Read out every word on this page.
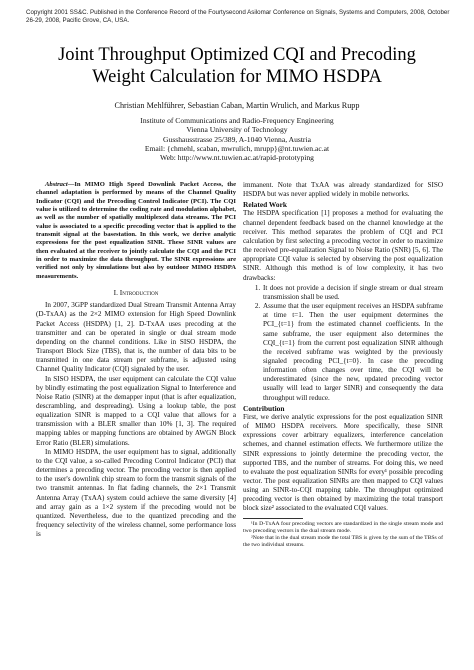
Copyright 2001 SS&C. Published in the Conference Record of the Fourtysecond Asilomar Conference on Signals, Systems and Computers, 2008, October 26-29, 2008, Pacific Grove, CA, USA.
Joint Throughput Optimized CQI and Precoding Weight Calculation for MIMO HSDPA
Christian Mehlführer, Sebastian Caban, Martin Wrulich, and Markus Rupp
Institute of Communications and Radio-Frequency Engineering
Vienna University of Technology
Gusshausstrasse 25/389, A-1040 Vienna, Austria
Email: {chmehl, scaban, mwrulich, mrupp}@nt.tuwien.ac.at
Web: http://www.nt.tuwien.ac.at/rapid-prototyping

Abstract—In MIMO High Speed Downlink Packet Access, the channel adaptation is performed by means of the Channel Quality Indicator (CQI) and the Precoding Control Indicator (PCI). The CQI value is utilized to determine the coding rate and modulation alphabet, as well as the number of spatially multiplexed data streams. The PCI value is associated to a specific precoding vector that is applied to the transmit signal at the basestation. In this work, we derive analytic expressions for the post equalization SINR. These SINR values are then evaluated at the receiver to jointly calculate the CQI and the PCI in order to maximize the data throughput. The SINR expressions are verified not only by simulations but also by outdoor MIMO HSDPA measurements.

I. Introduction

In 2007, 3GPP standardized Dual Stream Transmit Antenna Array (D-TxAA) as the 2×2 MIMO extension for High Speed Downlink Packet Access (HSDPA) [1, 2]. D-TxAA uses precoding at the transmitter and can be operated in single or dual stream mode depending on the channel conditions. Like in SISO HSDPA, the Transport Block Size (TBS), that is, the number of data bits to be transmitted in one data stream per subframe, is adjusted using Channel Quality Indicator (CQI) signaled by the user.

In SISO HSDPA, the user equipment can calculate the CQI value by blindly estimating the post equalization Signal to Interference and Noise Ratio (SINR) at the demapper input (that is after equalization, descrambling, and despreading). Using a lookup table, the post equalization SINR is mapped to a CQI value that allows for a transmission with a BLER smaller than 10% [1, 3]. The required mapping tables or mapping functions are obtained by AWGN Block Error Ratio (BLER) simulations.

In MIMO HSDPA, the user equipment has to signal, additionally to the CQI value, a so-called Precoding Control Indicator (PCI) that determines a precoding vector. The precoding vector is then applied to the user's downlink chip stream to form the transmit signals of the two transmit antennas. In flat fading channels, the 2×1 Transmit Antenna Array (TxAA) system could achieve the same diversity [4] and array gain as a 1×2 system if the precoding would not be quantized. Nevertheless, due to the quantized precoding and the frequency selectivity of the wireless channel, some performance loss is

immanent. Note that TxAA was already standardized for SISO HSDPA but was never applied widely in mobile networks.

Related Work

The HSDPA specification [1] proposes a method for evaluating the channel dependent feedback based on the channel knowledge at the receiver. This method separates the problem of CQI and PCI calculation by first selecting a precoding vector in order to maximize the received pre-equalization Signal to Noise Ratio (SNR) [5, 6]. The appropriate CQI value is selected by observing the post equalization SINR. Although this method is of low complexity, it has two drawbacks:

1. It does not provide a decision if single stream or dual stream transmission shall be used.
2. Assume that the user equipment receives an HSDPA subframe at time t=1. Then the user equipment determines the PCI_{t=1} from the estimated channel coefficients. In the same subframe, the user equipment also determines the CQI_{t=1} from the current post equalization SINR although the received subframe was weighted by the previously signaled precoding PCI_{t=0}. In case the precoding information often changes over time, the CQI will be underestimated (since the new, updated precoding vector usually will lead to larger SINR) and consequently the data throughput will reduce.
Contribution

First, we derive analytic expressions for the post equalization SINR of MIMO HSDPA receivers. More specifically, these SINR expressions cover arbitrary equalizers, interference cancelation schemes, and channel estimation effects. We furthermore utilize the SINR expressions to jointly determine the precoding vector, the supported TBS, and the number of streams. For doing this, we need to evaluate the post equalization SINRs for every¹ possible precoding vector. The post equalization SINRs are then mapped to CQI values using an SINR-to-CQI mapping table. The throughput optimized precoding vector is then obtained by maximizing the total transport block size² associated to the evaluated CQI values.

¹In D-TxAA four precoding vectors are standardized in the single stream mode and two precoding vectors in the dual stream mode.

²Note that in the dual stream mode the total TBS is given by the sum of the TBSs of the two individual streams.
